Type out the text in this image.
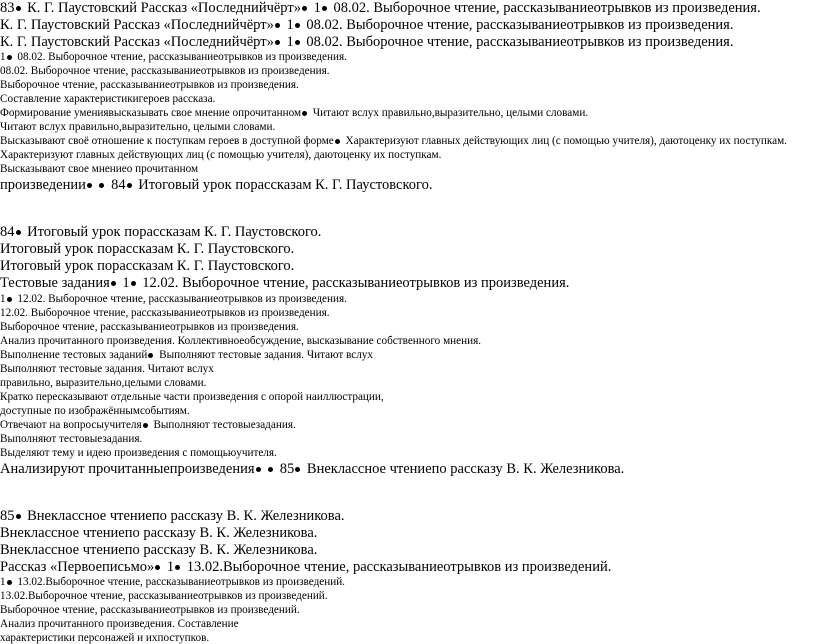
83 К. Г. Паустовский Рассказ «Последнийчёрт» 1 08.02. Выборочное чтение, рассказываниеотрывков из произведения.
К. Г. Паустовский Рассказ «Последнийчёрт» 1 08.02. Выборочное чтение, рассказываниеотрывков из произведения.
К. Г. Паустовский Рассказ «Последнийчёрт» 1 08.02. Выборочное чтение, рассказываниеотрывков из произведения.
1 08.02. Выборочное чтение, рассказываниеотрывков из произведения.
08.02. Выборочное чтение, рассказываниеотрывков из произведения.
Выборочное чтение, рассказываниеотрывков из произведения.
Составление характеристикигероев рассказа.
Формирование умениявысказывать свое мнение опрочитанном Читают вслух правильно,выразительно, целыми словами.
Читают вслух правильно,выразительно, целыми словами.
Высказывают своё отношение к поступкам героев в доступной форме Характеризуют главных действующих лиц (с помощью учителя), даютоценку их поступкам.
Характеризуют главных действующих лиц (с помощью учителя), даютоценку их поступкам.
Высказывают свое мнениео прочитанном
произведении  84 Итоговый урок порассказам К. Г. Паустовского.
84 Итоговый урок порассказам К. Г. Паустовского.
Итоговый урок порассказам К. Г. Паустовского.
Итоговый урок порассказам К. Г. Паустовского.
Тестовые задания 1 12.02. Выборочное чтение, рассказываниеотрывков из произведения.
1 12.02. Выборочное чтение, рассказываниеотрывков из произведения.
12.02. Выборочное чтение, рассказываниеотрывков из произведения.
Выборочное чтение, рассказываниеотрывков из произведения.
Анализ прочитанного произведения. Коллективноеобсуждение, высказывание собственного мнения.
Выполнение тестовых заданий Выполняют тестовые задания. Читают вслух
Выполняют тестовые задания. Читают вслух
правильно, выразительно,целыми словами.
Кратко пересказывают отдельные части произведения с опорой наиллюстрации,
доступные по изображённымсобытиям.
Отвечают на вопросыучителя Выполняют тестовыезадания.
Выполняют тестовыезадания.
Выделяют тему и идею произведения с помощьюучителя.
Анализируют прочитанныепроизведения  85 Внеклассное чтениепо рассказу В. К. Железникова.
85 Внеклассное чтениепо рассказу В. К. Железникова.
Внеклассное чтениепо рассказу В. К. Железникова.
Внеклассное чтениепо рассказу В. К. Железникова.
Рассказ «Первоеписьмо» 1 13.02.Выборочное чтение, рассказываниеотрывков из произведений.
1 13.02.Выборочное чтение, рассказываниеотрывков из произведений.
13.02.Выборочное чтение, рассказываниеотрывков из произведений.
Выборочное чтение, рассказываниеотрывков из произведений.
Анализ прочитанного произведения. Составление
характеристики персонажей и ихпоступков.
